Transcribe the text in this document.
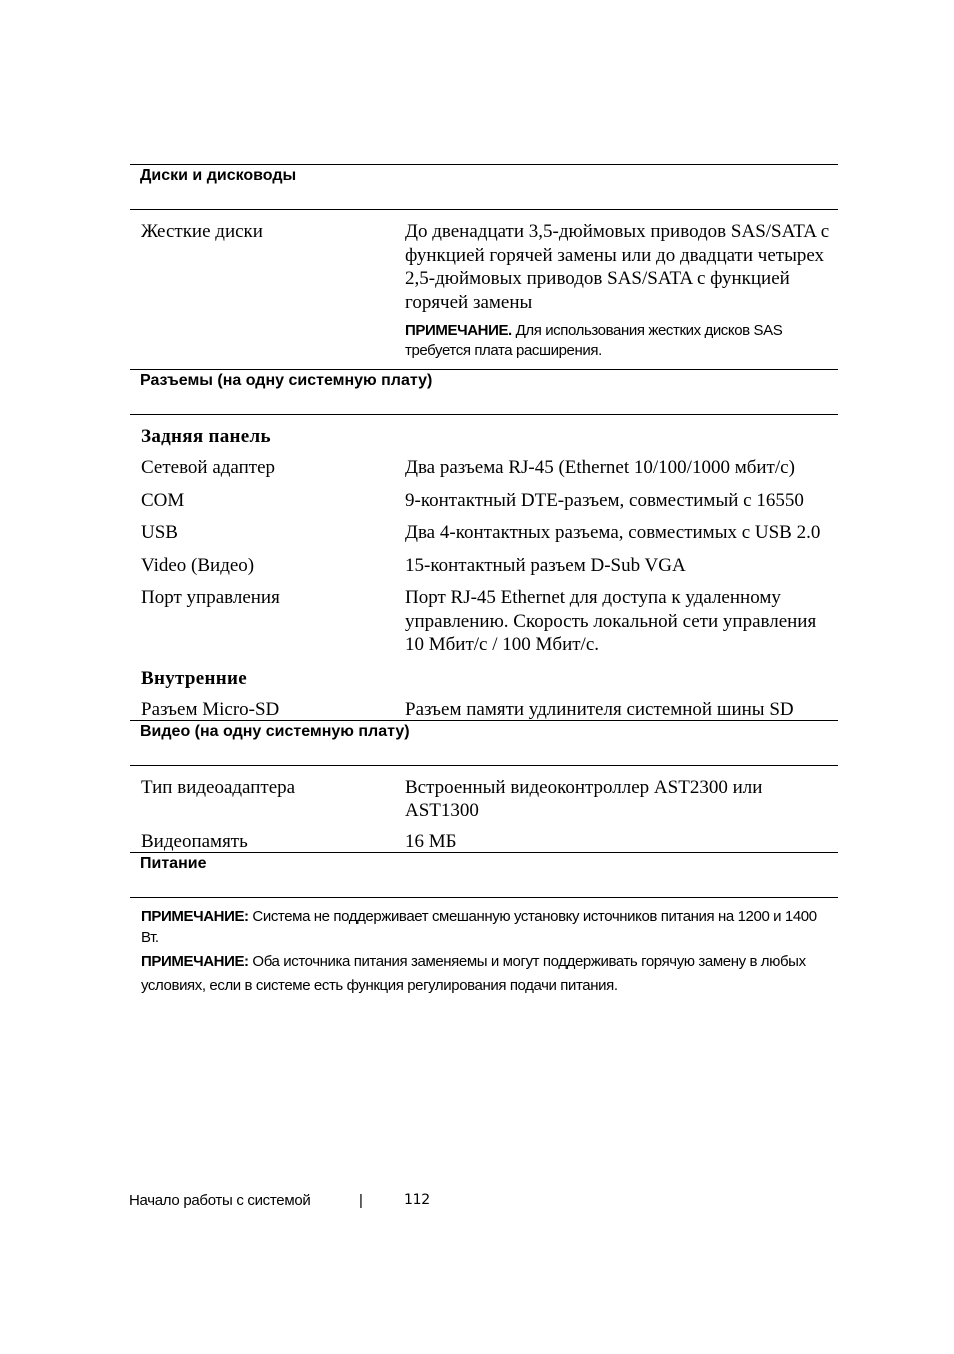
Диски и дисководы
Жесткие диски	До двенадцати 3,5-дюймовых приводов SAS/SATA с функцией горячей замены или до двадцати четырех 2,5-дюймовых приводов SAS/SATA с функцией горячей замены
ПРИМЕЧАНИЕ. Для использования жестких дисков SAS требуется плата расширения.
Разъемы (на одну системную плату)
Задняя панель
Сетевой адаптер	Два разъема RJ-45 (Ethernet 10/100/1000 мбит/с)
COM	9-контактный DTE-разъем, совместимый с 16550
USB	Два 4-контактных разъема, совместимых с USB 2.0
Video (Видео)	15-контактный разъем D-Sub VGA
Порт управления	Порт RJ-45 Ethernet для доступа к удаленному управлению. Скорость локальной сети управления 10 Мбит/с / 100 Мбит/с.
Внутренние
Разъем Micro-SD	Разъем памяти удлинителя системной шины SD
Видео (на одну системную плату)
Тип видеоадаптера	Встроенный видеоконтроллер AST2300 или AST1300
Видеопамять	16 МБ
Питание
ПРИМЕЧАНИЕ: Система не поддерживает смешанную установку источников питания на 1200 и 1400 Вт.
ПРИМЕЧАНИЕ: Оба источника питания заменяемы и могут поддерживать горячую замену в любых условиях, если в системе есть функция регулирования подачи питания.
Начало работы с системой	|	112
